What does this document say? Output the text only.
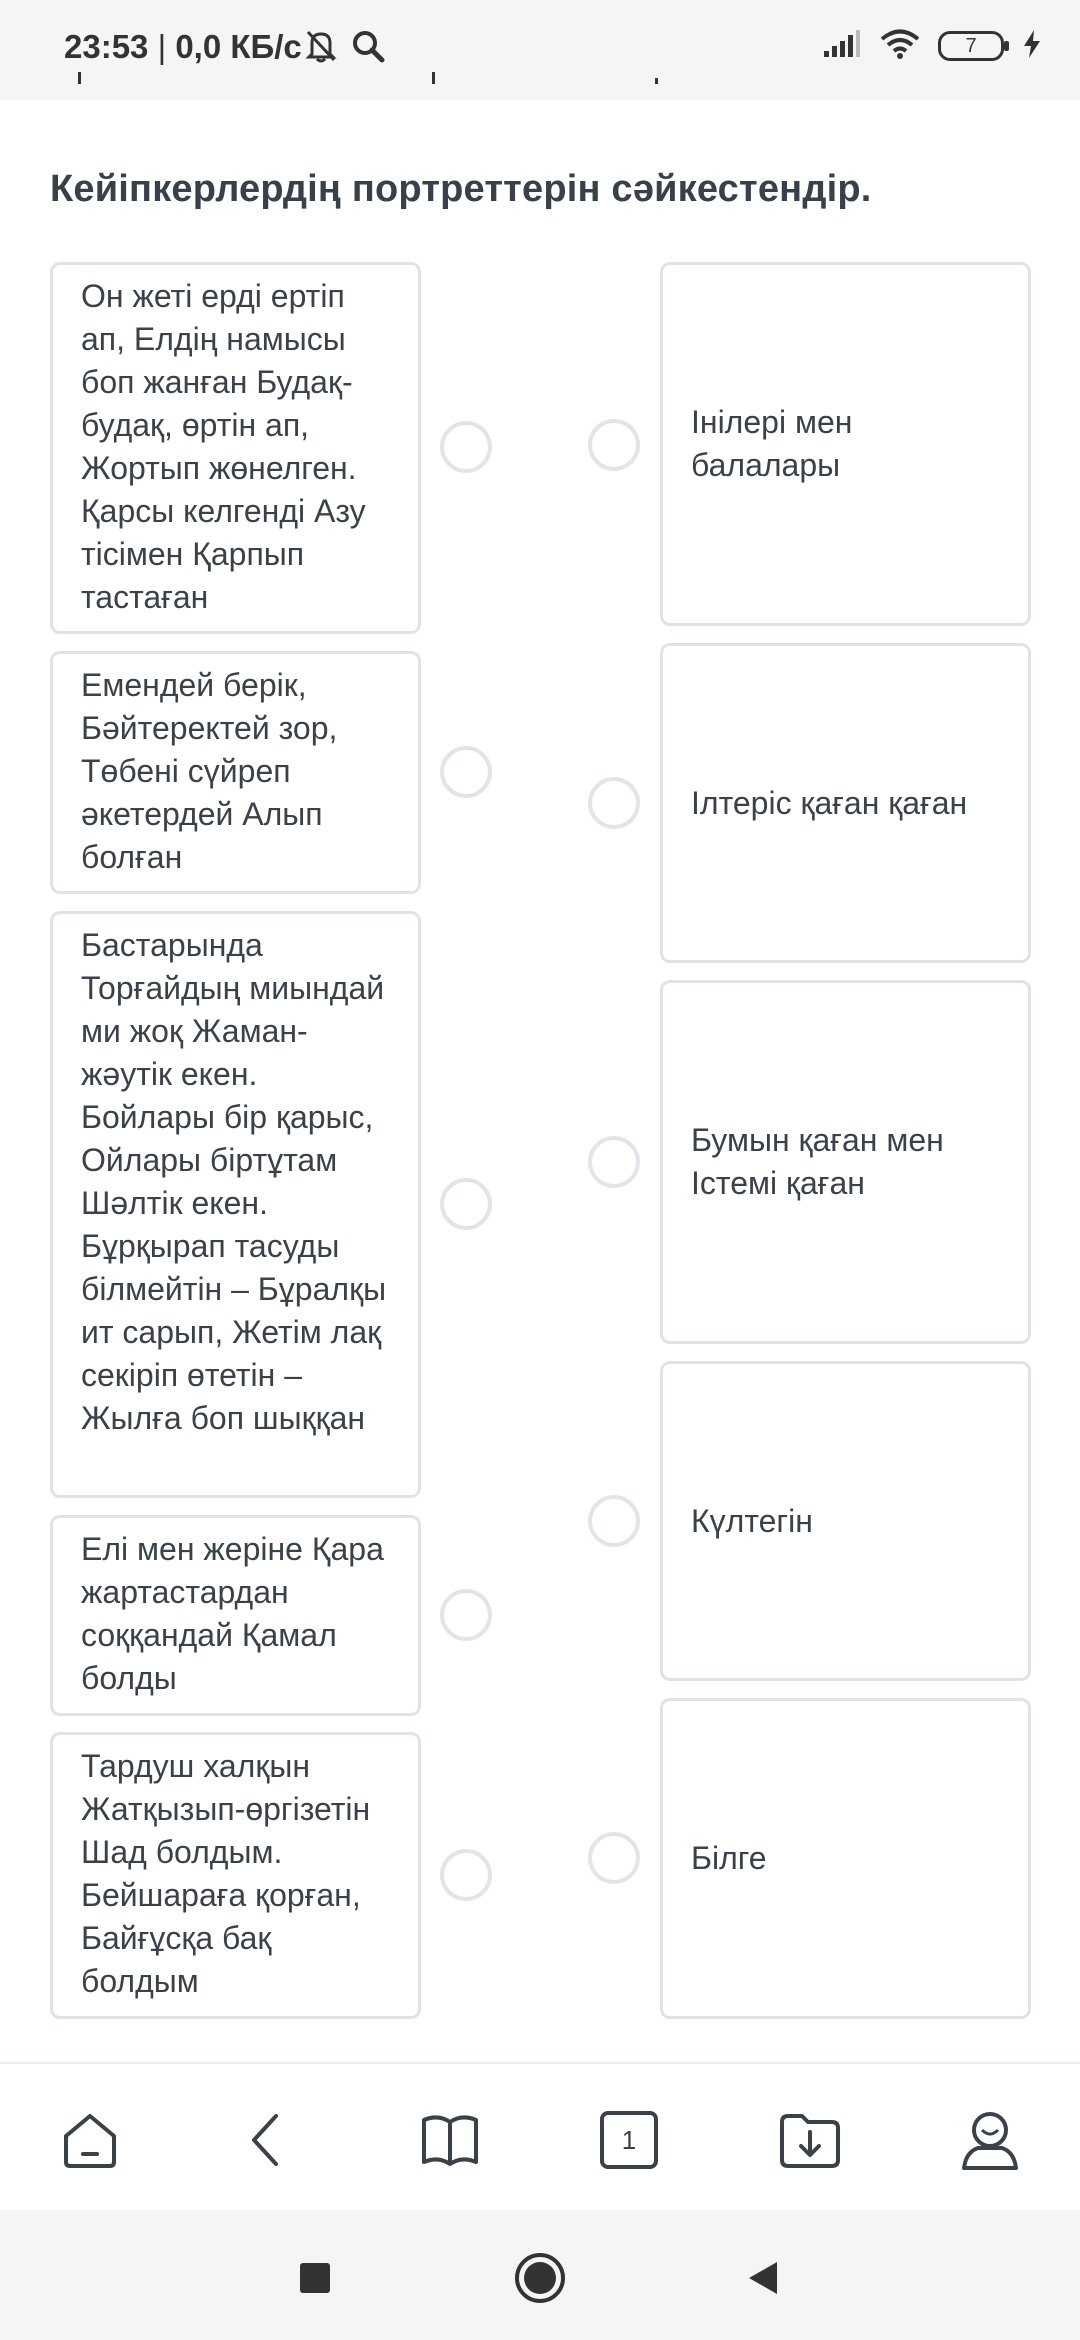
23:53 | 0,0 КБ/с	7
Кейіпкерлердің портреттерін сәйкестендір.
Он жеті ерді ертіп ап, Елдің намысы боп жанған Будақ-будақ, өртін ап, Жортып жөнелген. Қарсы келгенді Азу тісімен Қарпып тастаған
Емендей берік, Бәйтеректей зор, Төбені сүйреп әкетердей Алып болған
Бастарында Торғайдың миындай ми жоқ Жаман-жәутік екен. Бойлары бір қарыс, Ойлары біртұтам Шәлтік екен. Бұрқырап тасуды білмейтін – Бұралқы ит сарып, Жетім лақ секіріп өтетін – Жылға боп шыққан
Елі мен жеріне Қара жартастардан соққандай Қамал болды
Тардуш халқын Жатқызып-өргізетін Шад болдым. Бейшараға қорған, Байғұсқа бақ болдым
Інілері мен балалары
Ілтеріс қаған қаған
Бумын қаған мен Істемі қаған
Күлтегін
Білге
1
